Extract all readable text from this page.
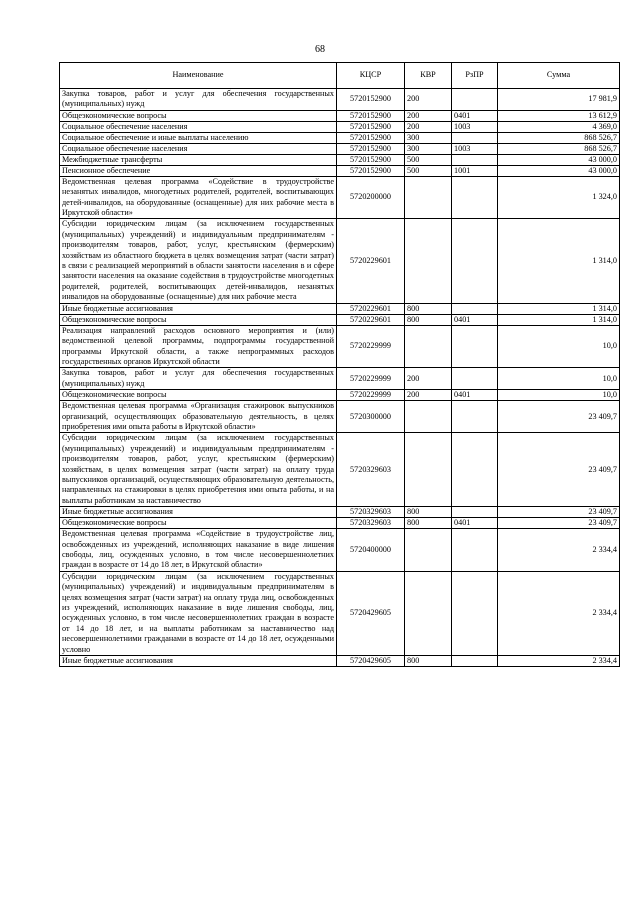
68
Наименование	КЦСР	КВР	РзПР	Сумма
Закупка товаров, работ и услуг для обеспечения государственных (муниципальных) нужд	5720152900	200		17 981,9
Общеэкономические вопросы	5720152900	200	0401	13 612,9
Социальное обеспечение населения	5720152900	200	1003	4 369,0
Социальное обеспечение и иные выплаты населению	5720152900	300		868 526,7
Социальное обеспечение населения	5720152900	300	1003	868 526,7
Межбюджетные трансферты	5720152900	500		43 000,0
Пенсионное обеспечение	5720152900	500	1001	43 000,0
Ведомственная целевая программа «Содействие в трудоустройстве незанятых инвалидов, многодетных родителей, родителей, воспитывающих детей-инвалидов, на оборудованные (оснащенные) для них рабочие места в Иркутской области»	5720200000			1 324,0
Субсидии юридическим лицам (за исключением государственных (муниципальных) учреждений) и индивидуальным предпринимателям - производителям товаров, работ, услуг, крестьянским (фермерским) хозяйствам из областного бюджета в целях возмещения затрат (части затрат) в связи с реализацией мероприятий в области занятости населения в и сфере занятости населения на оказание содействия в трудоустройстве многодетных родителей, родителей, воспитывающих детей-инвалидов, незанятых инвалидов на оборудованные (оснащенные) для них рабочие места	5720229601			1 314,0
Иные бюджетные ассигнования	5720229601	800		1 314,0
Общеэкономические вопросы	5720229601	800	0401	1 314,0
Реализация направлений расходов основного мероприятия и (или) ведомственной целевой программы, подпрограммы государственной программы Иркутской области, а также непрограммных расходов государственных органов Иркутской области	5720229999			10,0
Закупка товаров, работ и услуг для обеспечения государственных (муниципальных) нужд	5720229999	200		10,0
Общеэкономические вопросы	5720229999	200	0401	10,0
Ведомственная целевая программа «Организация стажировок выпускников организаций, осуществляющих образовательную деятельность, в целях приобретения ими опыта работы в Иркутской области»	5720300000			23 409,7
Субсидии юридическим лицам (за исключением государственных (муниципальных) учреждений) и индивидуальным предпринимателям - производителям товаров, работ, услуг, крестьянским (фермерским) хозяйствам, в целях возмещения затрат (части затрат) на оплату труда выпускников организаций, осуществляющих образовательную деятельность, направленных на стажировки в целях приобретения ими опыта работы, и на выплаты работникам за наставничество	5720329603			23 409,7
Иные бюджетные ассигнования	5720329603	800		23 409,7
Общеэкономические вопросы	5720329603	800	0401	23 409,7
Ведомственная целевая программа «Содействие в трудоустройстве лиц, освобожденных из учреждений, исполняющих наказание в виде лишения свободы, лиц, осужденных условно, в том числе несовершеннолетних граждан в возрасте от 14 до 18 лет, в Иркутской области»	5720400000			2 334,4
Субсидии юридическим лицам (за исключением государственных (муниципальных) учреждений) и индивидуальным предпринимателям в целях возмещения затрат (части затрат) на оплату труда лиц, освобожденных из учреждений, исполняющих наказание в виде лишения свободы, лиц, осужденных условно, в том числе несовершеннолетних граждан в возрасте от 14 до 18 лет, и на выплаты работникам за наставничество над несовершеннолетними гражданами в возрасте от 14 до 18 лет, осужденными условно	5720429605			2 334,4
Иные бюджетные ассигнования	5720429605	800		2 334,4
